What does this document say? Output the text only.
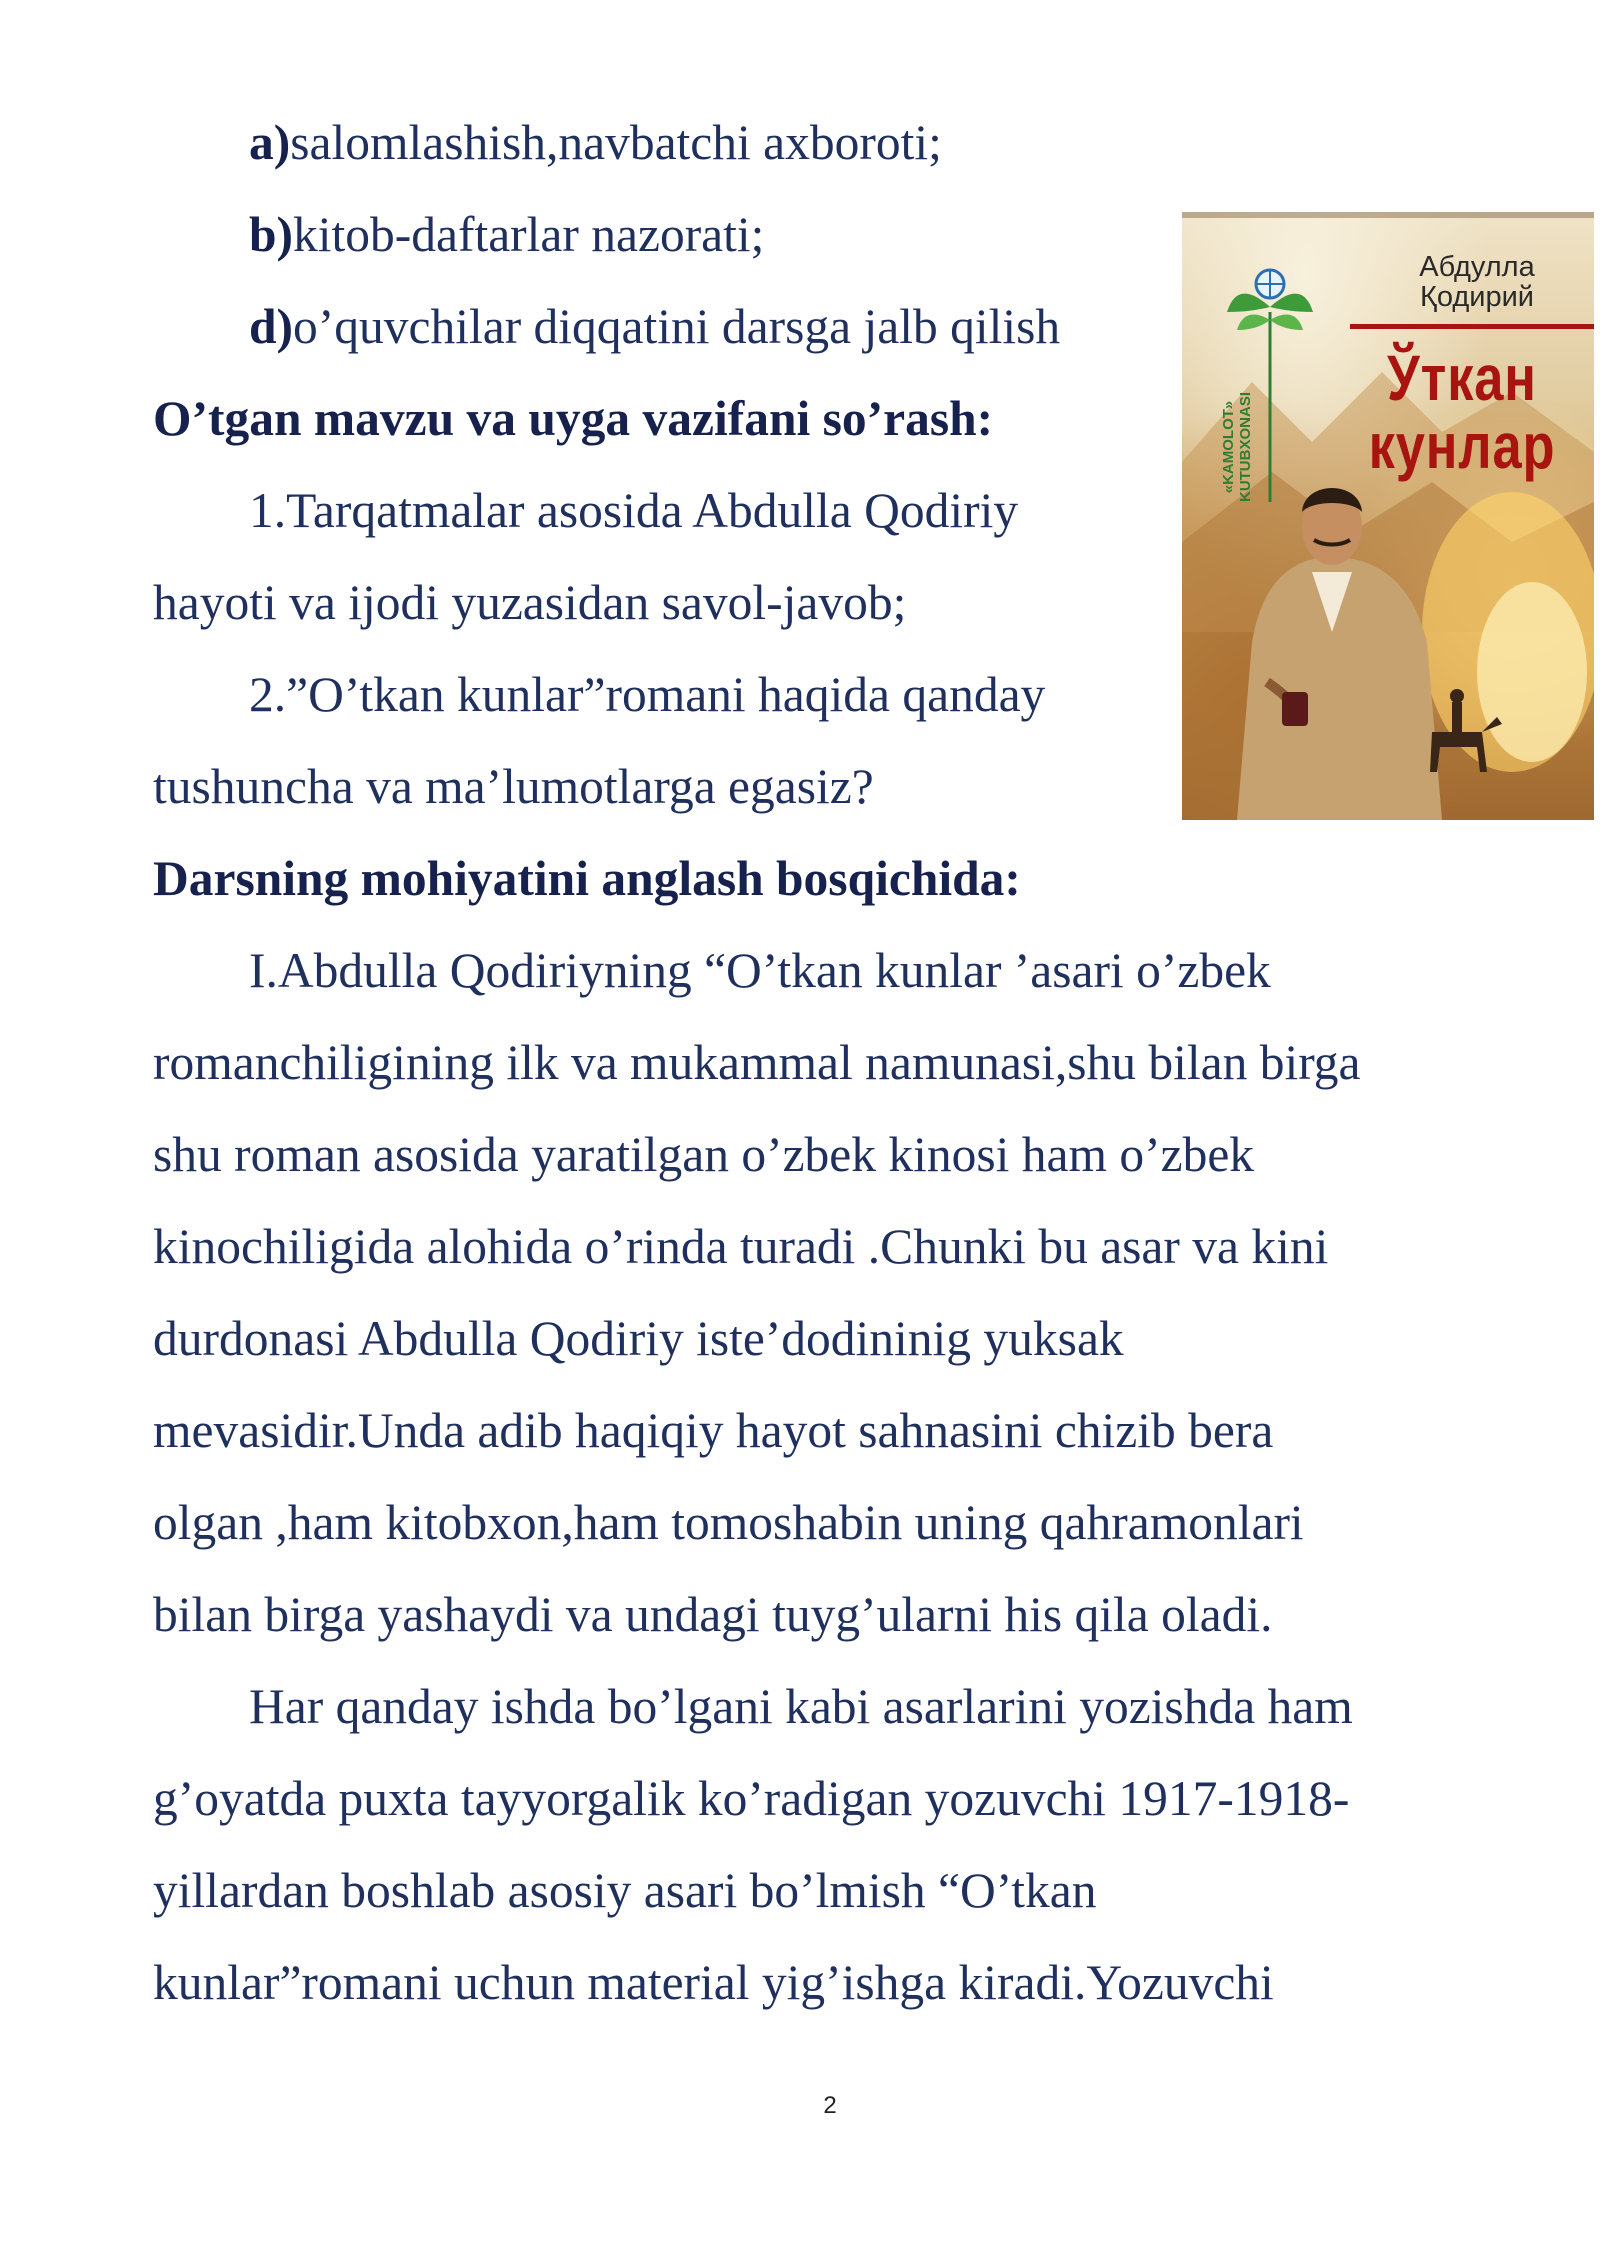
a)salomlashish,navbatchi axboroti;
b)kitob-daftarlar nazorati;
d)o’quvchilar diqqatini darsga jalb qilish
O’tgan mavzu va uyga vazifani so’rash:
1.Tarqatmalar asosida Abdulla Qodiriy
hayoti va ijodi yuzasidan savol-javob;
2.”O’tkan kunlar”romani haqida qanday
tushuncha va ma’lumotlarga egasiz?
Darsning mohiyatini anglash bosqichida:
I.Abdulla Qodiriyning “O’tkan kunlar ’asari o’zbek
romanchiligining ilk va mukammal namunasi,shu bilan birga
shu roman asosida yaratilgan o’zbek kinosi ham o’zbek
kinochiligida alohida o’rinda turadi .Chunki bu asar va kini
durdonasi Abdulla Qodiriy iste’dodininig yuksak
mevasidir.Unda adib haqiqiy hayot sahnasini chizib bera
olgan ,ham kitobxon,ham tomoshabin uning qahramonlari
bilan birga yashaydi va undagi tuyg’ularni his qila oladi.
Har qanday ishda bo’lgani kabi asarlarini yozishda ham
g’oyatda puxta tayyorgalik ko’radigan yozuvchi 1917-1918-
yillardan boshlab asosiy asari bo’lmish “O’tkan
kunlar”romani uchun material yig’ishga kiradi.Yozuvchi
Абдулла Қодирий
Ўткан
кунлар
«KAMOLOT» KUTUBXONASI
2
